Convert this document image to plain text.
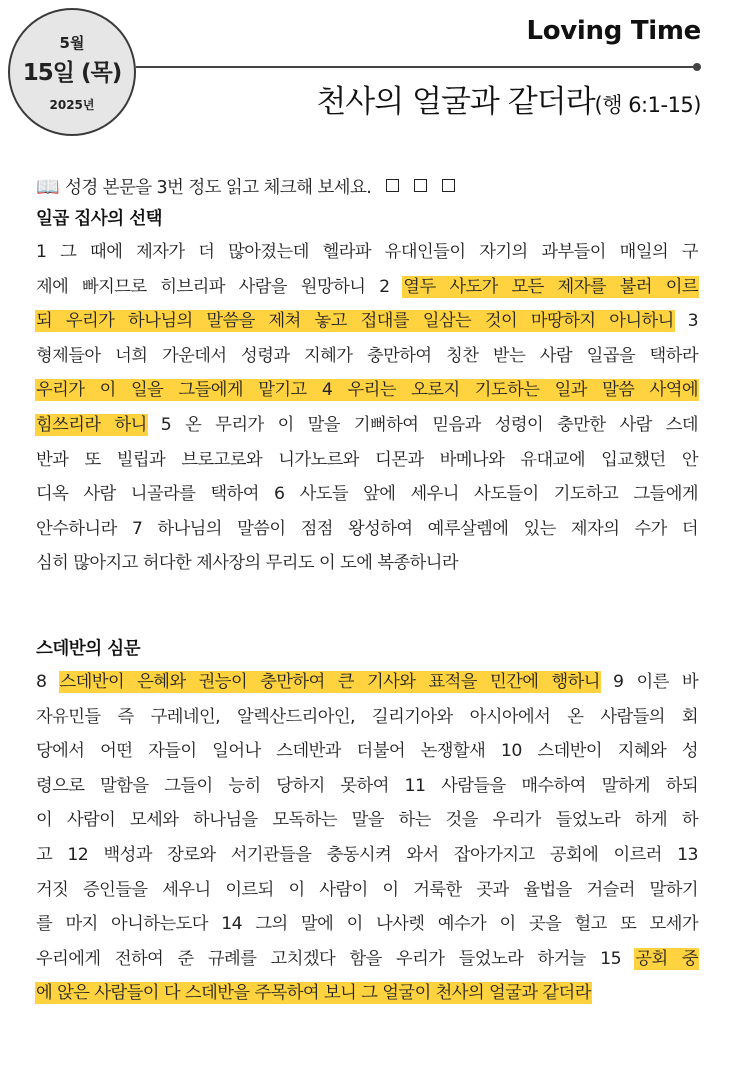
5월
15일 (목)
2025년
Loving Time
천사의 얼굴과 같더라(행 6:1-15)
📖 성경 본문을 3번 정도 읽고 체크해 보세요.
일곱 집사의 선택
1 그 때에 제자가 더 많아졌는데 헬라파 유대인들이 자기의 과부들이 매일의 구
제에 빠지므로 히브리파 사람을 원망하니 2 열두 사도가 모든 제자를 불러 이르
되 우리가 하나님의 말씀을 제쳐 놓고 접대를 일삼는 것이 마땅하지 아니하니 3
형제들아 너희 가운데서 성령과 지혜가 충만하여 칭찬 받는 사람 일곱을 택하라
우리가 이 일을 그들에게 맡기고 4 우리는 오로지 기도하는 일과 말씀 사역에
힘쓰리라 하니 5 온 무리가 이 말을 기뻐하여 믿음과 성령이 충만한 사람 스데
반과 또 빌립과 브로고로와 니가노르와 디몬과 바메나와 유대교에 입교했던 안
디옥 사람 니골라를 택하여 6 사도들 앞에 세우니 사도들이 기도하고 그들에게
안수하니라 7 하나님의 말씀이 점점 왕성하여 예루살렘에 있는 제자의 수가 더
심히 많아지고 허다한 제사장의 무리도 이 도에 복종하니라
스데반의 심문
8 스데반이 은혜와 권능이 충만하여 큰 기사와 표적을 민간에 행하니 9 이른 바
자유민들 즉 구레네인, 알렉산드리아인, 길리기아와 아시아에서 온 사람들의 회
당에서 어떤 자들이 일어나 스데반과 더불어 논쟁할새 10 스데반이 지혜와 성
령으로 말함을 그들이 능히 당하지 못하여 11 사람들을 매수하여 말하게 하되
이 사람이 모세와 하나님을 모독하는 말을 하는 것을 우리가 들었노라 하게 하
고 12 백성과 장로와 서기관들을 충동시켜 와서 잡아가지고 공회에 이르러 13
거짓 증인들을 세우니 이르되 이 사람이 이 거룩한 곳과 율법을 거슬러 말하기
를 마지 아니하는도다 14 그의 말에 이 나사렛 예수가 이 곳을 헐고 또 모세가
우리에게 전하여 준 규례를 고치겠다 함을 우리가 들었노라 하거늘 15 공회 중
에 앉은 사람들이 다 스데반을 주목하여 보니 그 얼굴이 천사의 얼굴과 같더라
